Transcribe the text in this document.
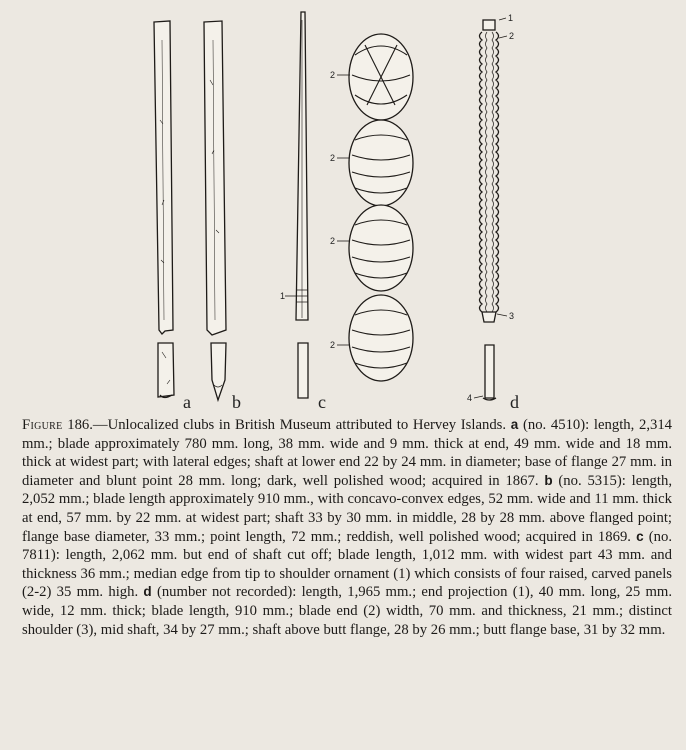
a b	c	d
1
2
2
2
2
1
2
3
4

Figure 186.—Unlocalized clubs in British Museum attributed to Hervey Islands. a (no. 4510): length, 2,314 mm.; blade approximately 780 mm. long, 38 mm. wide and 9 mm. thick at end, 49 mm. wide and 18 mm. thick at widest part; with lateral edges; shaft at lower end 22 by 24 mm. in diameter; base of flange 27 mm. in diameter and blunt point 28 mm. long; dark, well polished wood; acquired in 1867. b (no. 5315): length, 2,052 mm.; blade length approximately 910 mm., with concavo-convex edges, 52 mm. wide and 11 mm. thick at end, 57 mm. by 22 mm. at widest part; shaft 33 by 30 mm. in middle, 28 by 28 mm. above flanged point; flange base diameter, 33 mm.; point length, 72 mm.; reddish, well polished wood; acquired in 1869. c (no. 7811): length, 2,062 mm. but end of shaft cut off; blade length, 1,012 mm. with widest part 43 mm. and thickness 36 mm.; median edge from tip to shoulder ornament (1) which consists of four raised, carved panels (2-2) 35 mm. high. d (number not recorded): length, 1,965 mm.; end projection (1), 40 mm. long, 25 mm. wide, 12 mm. thick; blade length, 910 mm.; blade end (2) width, 70 mm. and thickness, 21 mm.; distinct shoulder (3), mid shaft, 34 by 27 mm.; shaft above butt flange, 28 by 26 mm.; butt flange base, 31 by 32 mm.
